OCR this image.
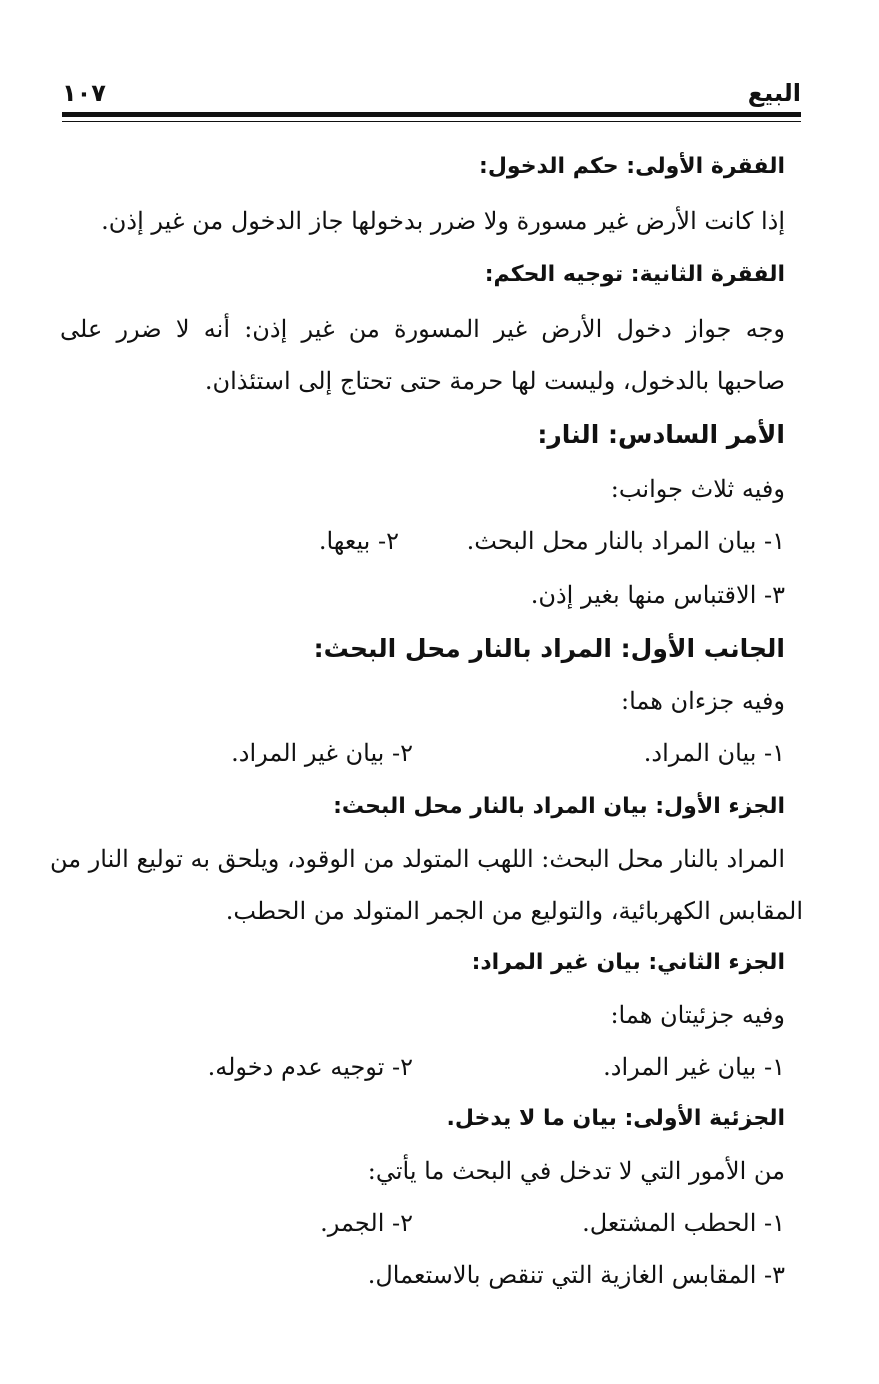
البيع
١٠٧
الفقرة الأولى: حكم الدخول:
إذا كانت الأرض غير مسورة ولا ضرر بدخولها جاز الدخول من غير إذن.
الفقرة الثانية: توجيه الحكم:
وجه جواز دخول الأرض غير المسورة من غير إذن: أنه لا ضرر على
صاحبها بالدخول، وليست لها حرمة حتى تحتاج إلى استئذان.
الأمر السادس: النار:
وفيه ثلاث جوانب:
١- بيان المراد بالنار محل البحث.
٢- بيعها.
٣- الاقتباس منها بغير إذن.
الجانب الأول: المراد بالنار محل البحث:
وفيه جزءان هما:
١- بيان المراد.
٢- بيان غير المراد.
الجزء الأول: بيان المراد بالنار محل البحث:
المراد بالنار محل البحث: اللهب المتولد من الوقود، ويلحق به توليع النار من
المقابس الكهربائية، والتوليع من الجمر المتولد من الحطب.
الجزء الثاني: بيان غير المراد:
وفيه جزئيتان هما:
١- بيان غير المراد.
٢- توجيه عدم دخوله.
الجزئية الأولى: بيان ما لا يدخل.
من الأمور التي لا تدخل في البحث ما يأتي:
١- الحطب المشتعل.
٢- الجمر.
٣- المقابس الغازية التي تنقص بالاستعمال.
